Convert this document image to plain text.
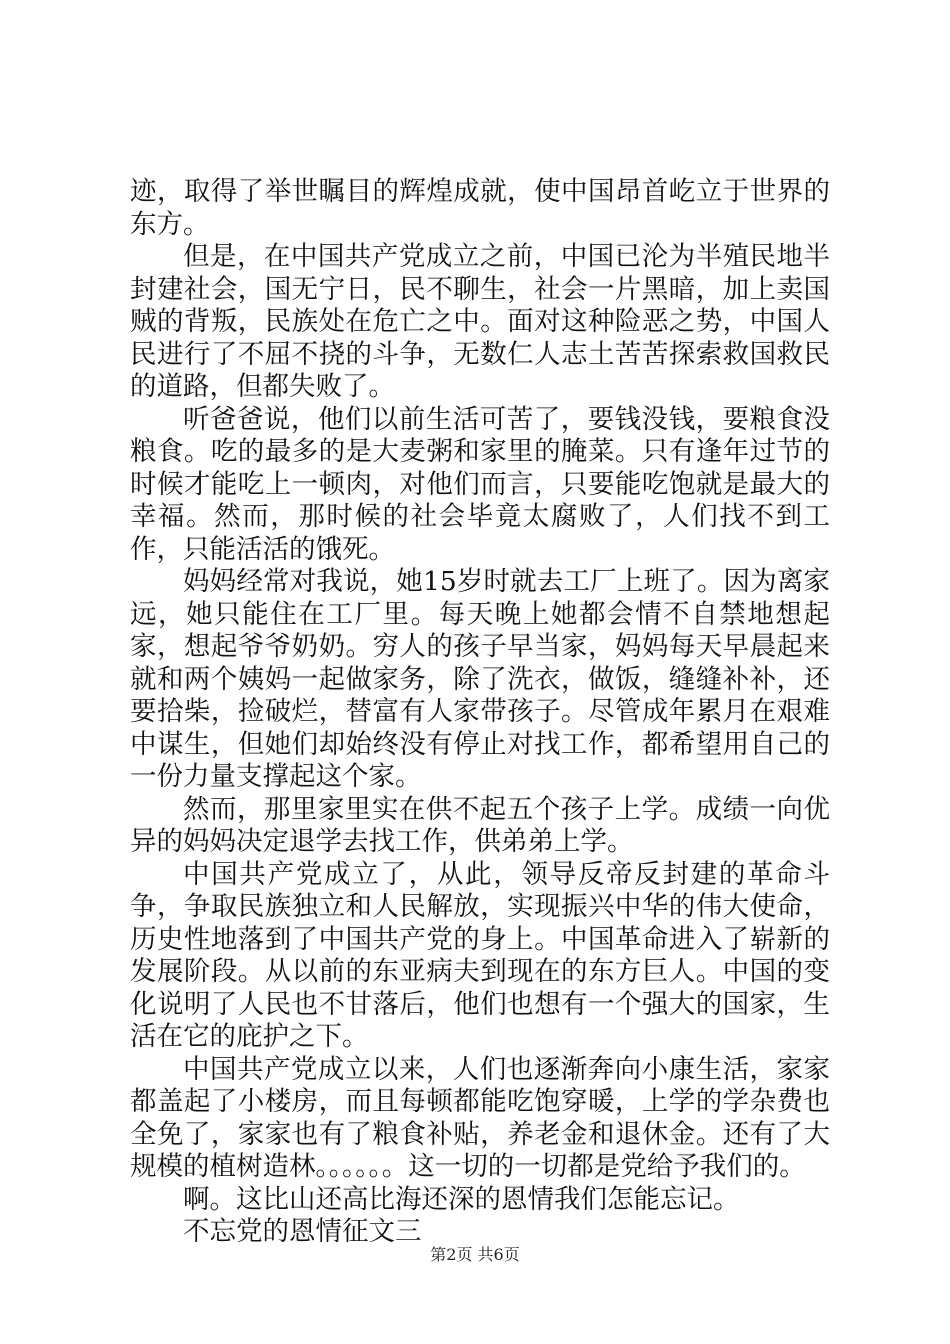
迹，取得了举世瞩目的辉煌成就，使中国昂首屹立于世界的东方。

但是，在中国共产党成立之前，中国已沦为半殖民地半封建社会，国无宁日，民不聊生，社会一片黑暗，加上卖国贼的背叛，民族处在危亡之中。面对这种险恶之势，中国人民进行了不屈不挠的斗争，无数仁人志土苦苦探索救国救民的道路，但都失败了。

听爸爸说，他们以前生活可苦了，要钱没钱，要粮食没粮食。吃的最多的是大麦粥和家里的腌菜。只有逢年过节的时候才能吃上一顿肉，对他们而言，只要能吃饱就是最大的幸福。然而，那时候的社会毕竟太腐败了，人们找不到工作，只能活活的饿死。

妈妈经常对我说，她15岁时就去工厂上班了。因为离家远，她只能住在工厂里。每天晚上她都会情不自禁地想起家，想起爷爷奶奶。穷人的孩子早当家，妈妈每天早晨起来就和两个姨妈一起做家务，除了洗衣，做饭，缝缝补补，还要拾柴，捡破烂，替富有人家带孩子。尽管成年累月在艰难中谋生，但她们却始终没有停止对找工作，都希望用自己的一份力量支撑起这个家。

然而，那里家里实在供不起五个孩子上学。成绩一向优异的妈妈决定退学去找工作，供弟弟上学。

中国共产党成立了，从此，领导反帝反封建的革命斗争，争取民族独立和人民解放，实现振兴中华的伟大使命，历史性地落到了中国共产党的身上。中国革命进入了崭新的发展阶段。从以前的东亚病夫到现在的东方巨人。中国的变化说明了人民也不甘落后，他们也想有一个强大的国家，生活在它的庇护之下。

中国共产党成立以来，人们也逐渐奔向小康生活，家家都盖起了小楼房，而且每顿都能吃饱穿暖，上学的学杂费也全免了，家家也有了粮食补贴，养老金和退休金。还有了大规模的植树造林。。。。。。这一切的一切都是党给予我们的。

啊。这比山还高比海还深的恩情我们怎能忘记。

不忘党的恩情征文三

第2页 共6页
